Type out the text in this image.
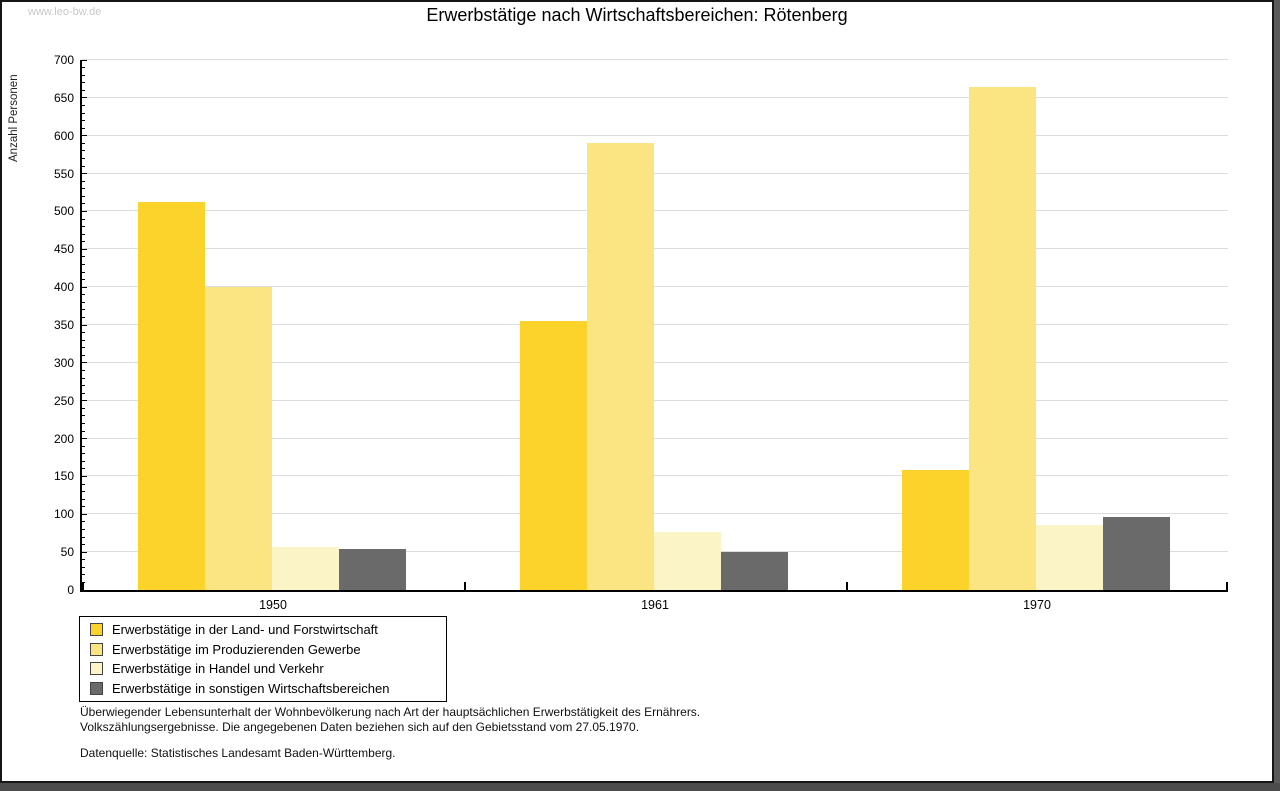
www.leo-bw.de	Erwerbstätige nach Wirtschaftsbereichen: Rötenberg
Anzahl Personen
0
50
100
150
200
250
300
350
400
450
500
550
600
650
700
1950	1961	1970
Erwerbstätige in der Land- und Forstwirtschaft
Erwerbstätige im Produzierenden Gewerbe
Erwerbstätige in Handel und Verkehr
Erwerbstätige in sonstigen Wirtschaftsbereichen
Überwiegender Lebensunterhalt der Wohnbevölkerung nach Art der hauptsächlichen Erwerbstätigkeit des Ernährers.
Volkszählungsergebnisse. Die angegebenen Daten beziehen sich auf den Gebietsstand vom 27.05.1970.
Datenquelle: Statistisches Landesamt Baden-Württemberg.
